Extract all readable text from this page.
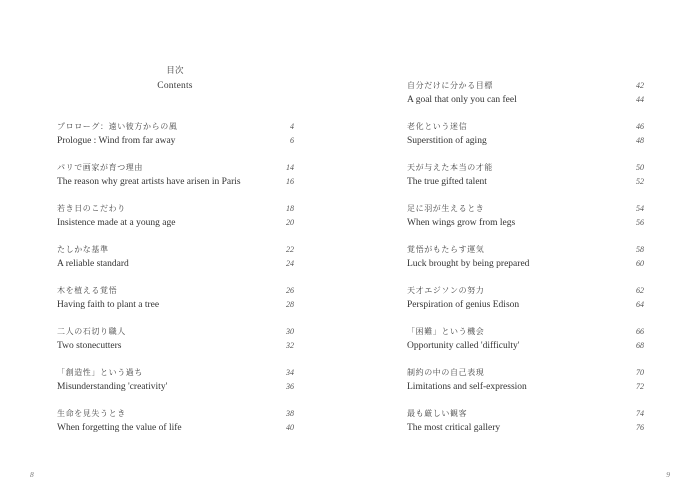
目次
Contents
プロローグ：遠い彼方からの風	4
Prologue : Wind from far away	6
パリで画家が育つ理由	14
The reason why great artists have arisen in Paris	16
若き日のこだわり	18
Insistence made at a young age	20
たしかな基準	22
A reliable standard	24
木を植える覚悟	26
Having faith to plant a tree	28
二人の石切り職人	30
Two stonecutters	32
「創造性」という過ち	34
Misunderstanding 'creativity'	36
生命を見失うとき	38
When forgetting the value of life	40
8
自分だけに分かる目標	42
A goal that only you can feel	44
老化という迷信	46
Superstition of aging	48
天が与えた本当の才能	50
The true gifted talent	52
足に羽が生えるとき	54
When wings grow from legs	56
覚悟がもたらす運気	58
Luck brought by being prepared	60
天才エジソンの努力	62
Perspiration of genius Edison	64
「困難」という機会	66
Opportunity called 'difficulty'	68
制約の中の自己表現	70
Limitations and self-expression	72
最も厳しい観客	74
The most critical gallery	76
9
